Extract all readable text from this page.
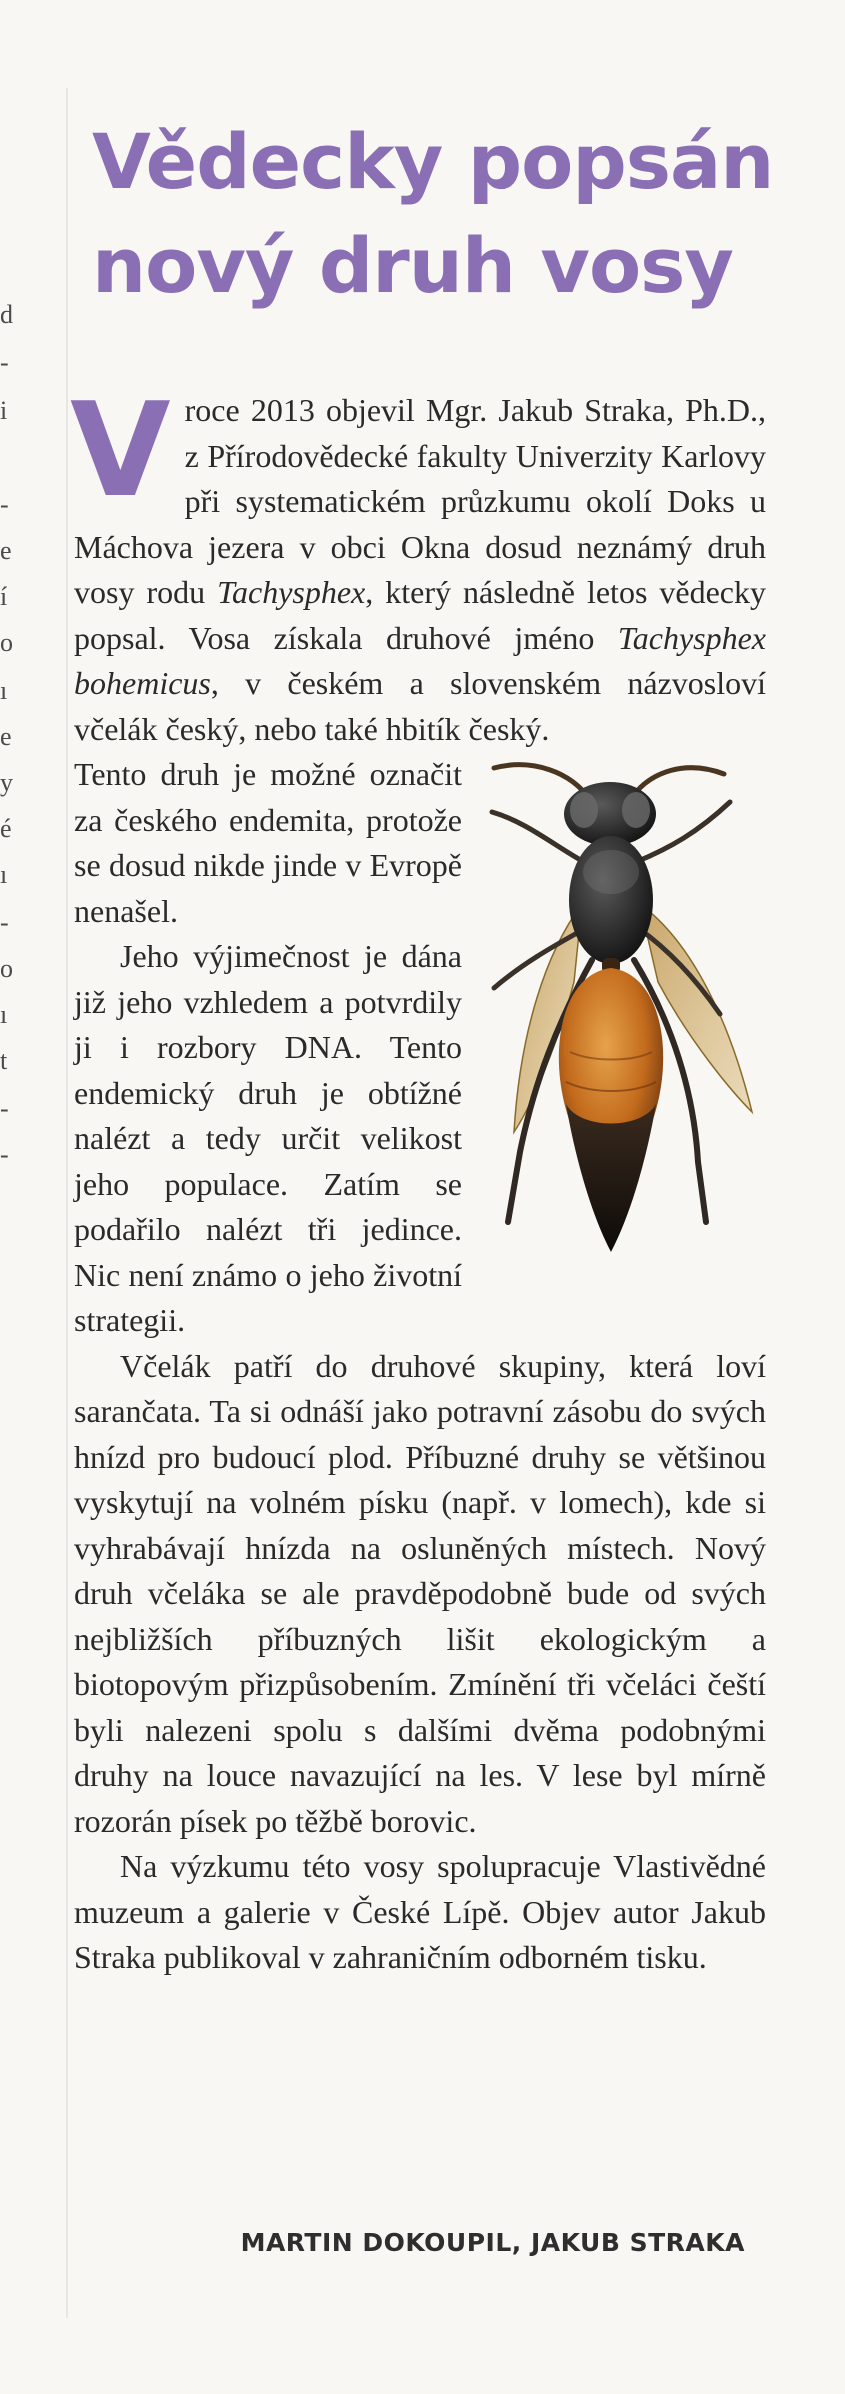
d
-
i
-
e
í
o
ı
e
y
é
ı
-
o
ı
t
-
-
Vědecky popsán
nový druh vosy

V roce 2013 objevil Mgr. Jakub Straka, Ph.D., z Přírodovědecké fakulty Univerzity Karlovy při systematickém průzkumu okolí Doks u Máchova jezera v obci Okna dosud neznámý druh vosy rodu Tachysphex, který následně letos vědecky popsal. Vosa získala druhové jméno Tachysphex bohemicus, v českém a slovenském názvosloví včelák český, nebo také hbitík český.

Tento druh je možné označit za českého endemita, protože se dosud nikde jinde v Evropě nenašel.

Jeho výjimečnost je dána již jeho vzhledem a potvrdily ji i rozbory DNA. Tento endemický druh je obtížné nalézt a tedy určit velikost jeho populace. Zatím se podařilo nalézt tři jedince. Nic není známo o jeho životní strategii.

Včelák patří do druhové skupiny, která loví sarančata. Ta si odnáší jako potravní zásobu do svých hnízd pro budoucí plod. Příbuzné druhy se většinou vyskytují na volném písku (např. v lomech), kde si vyhrabávají hnízda na osluněných místech. Nový druh včeláka se ale pravděpodobně bude od svých nejbližších příbuzných lišit ekologickým a biotopovým přizpůsobením. Zmínění tři včeláci čeští byli nalezeni spolu s dalšími dvěma podobnými druhy na louce navazující na les. V lese byl mírně rozorán písek po těžbě borovic.

Na výzkumu této vosy spolupracuje Vlastivědné muzeum a galerie v České Lípě. Objev autor Jakub Straka publikoval v zahraničním odborném tisku.

MARTIN DOKOUPIL, JAKUB STRAKA
